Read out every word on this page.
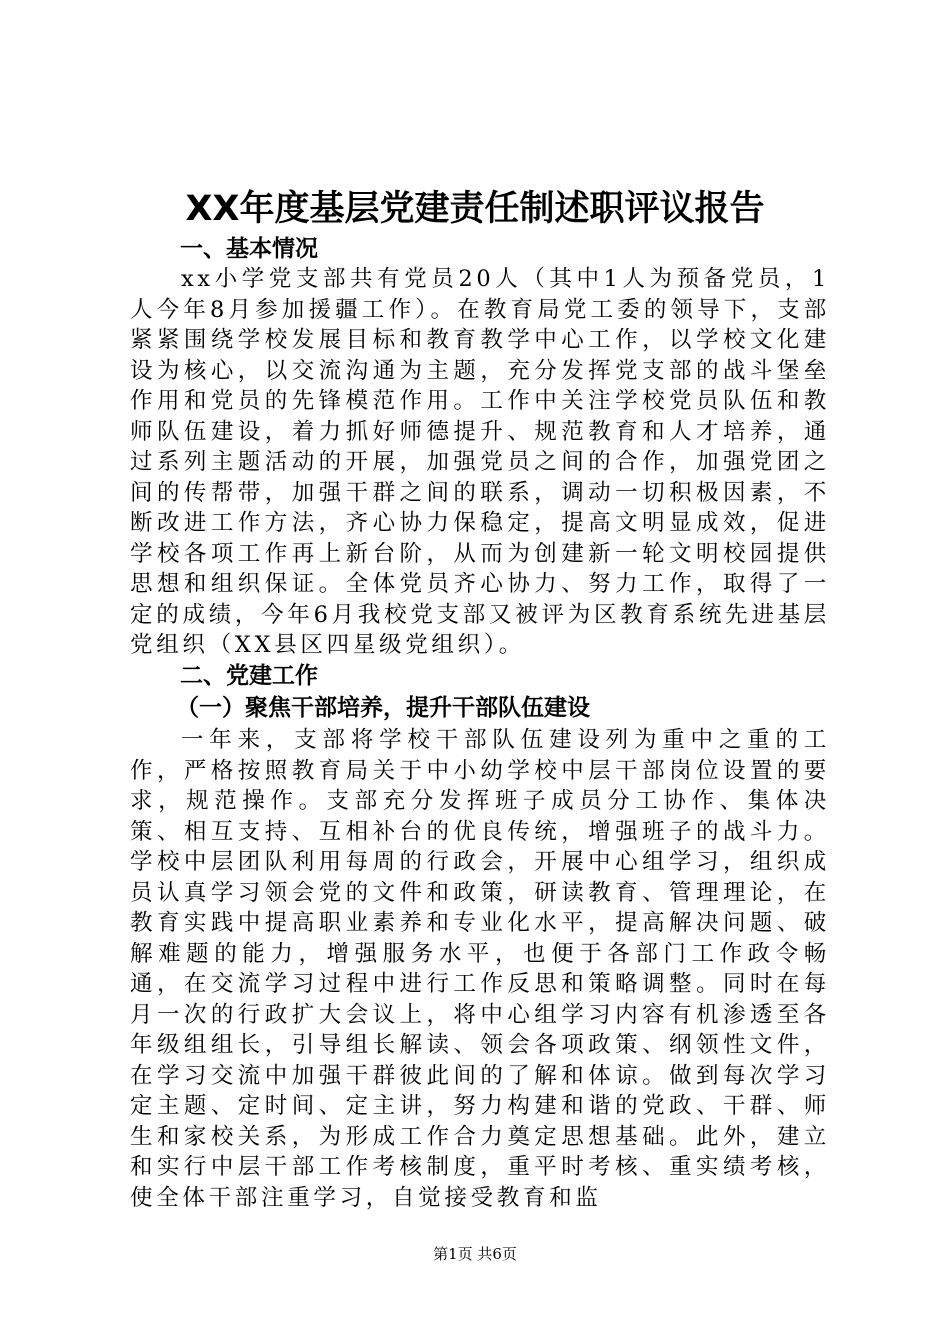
XX年度基层党建责任制述职评议报告
一、基本情况

xx小学党支部共有党员20人（其中1人为预备党员，1人今年8月参加援疆工作）。在教育局党工委的领导下，支部紧紧围绕学校发展目标和教育教学中心工作，以学校文化建设为核心，以交流沟通为主题，充分发挥党支部的战斗堡垒作用和党员的先锋模范作用。工作中关注学校党员队伍和教师队伍建设，着力抓好师德提升、规范教育和人才培养，通过系列主题活动的开展，加强党员之间的合作，加强党团之间的传帮带，加强干群之间的联系，调动一切积极因素，不断改进工作方法，齐心协力保稳定，提高文明显成效，促进学校各项工作再上新台阶，从而为创建新一轮文明校园提供思想和组织保证。全体党员齐心协力、努力工作，取得了一定的成绩，今年6月我校党支部又被评为区教育系统先进基层党组织（XX县区四星级党组织）。

二、党建工作
（一）聚焦干部培养，提升干部队伍建设

一年来，支部将学校干部队伍建设列为重中之重的工作，严格按照教育局关于中小幼学校中层干部岗位设置的要求，规范操作。支部充分发挥班子成员分工协作、集体决策、相互支持、互相补台的优良传统，增强班子的战斗力。学校中层团队利用每周的行政会，开展中心组学习，组织成员认真学习领会党的文件和政策，研读教育、管理理论，在教育实践中提高职业素养和专业化水平，提高解决问题、破解难题的能力，增强服务水平，也便于各部门工作政令畅通，在交流学习过程中进行工作反思和策略调整。同时在每月一次的行政扩大会议上，将中心组学习内容有机渗透至各年级组组长，引导组长解读、领会各项政策、纲领性文件，在学习交流中加强干群彼此间的了解和体谅。做到每次学习定主题、定时间、定主讲，努力构建和谐的党政、干群、师生和家校关系，为形成工作合力奠定思想基础。此外，建立和实行中层干部工作考核制度，重平时考核、重实绩考核，使全体干部注重学习，自觉接受教育和监

第1页 共6页
